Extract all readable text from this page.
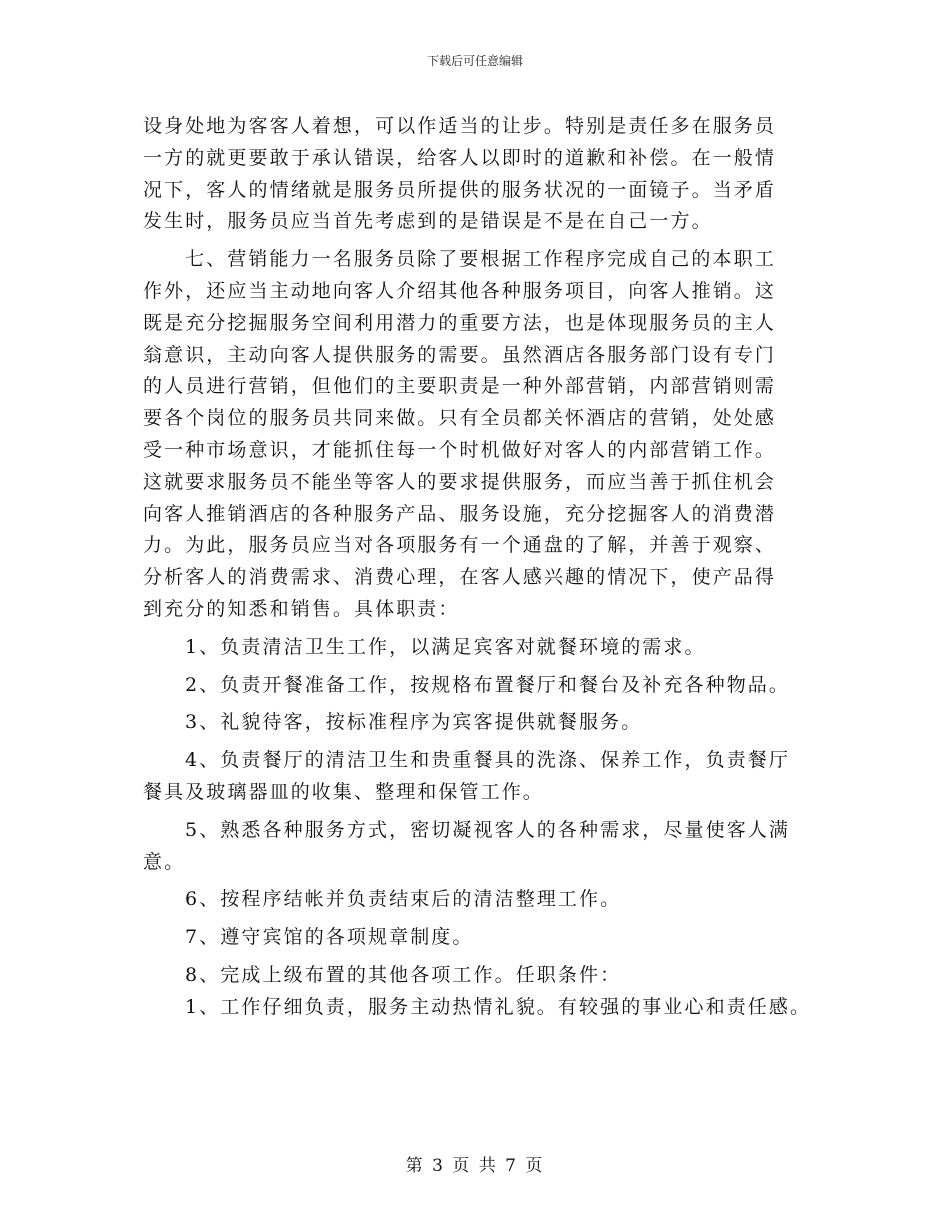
下载后可任意编辑
设身处地为客客人着想，可以作适当的让步。特别是责任多在服务员
一方的就更要敢于承认错误，给客人以即时的道歉和补偿。在一般情
况下，客人的情绪就是服务员所提供的服务状况的一面镜子。当矛盾
发生时，服务员应当首先考虑到的是错误是不是在自己一方。
七、营销能力一名服务员除了要根据工作程序完成自己的本职工
作外，还应当主动地向客人介绍其他各种服务项目，向客人推销。这
既是充分挖掘服务空间利用潜力的重要方法，也是体现服务员的主人
翁意识，主动向客人提供服务的需要。虽然酒店各服务部门设有专门
的人员进行营销，但他们的主要职责是一种外部营销，内部营销则需
要各个岗位的服务员共同来做。只有全员都关怀酒店的营销，处处感
受一种市场意识，才能抓住每一个时机做好对客人的内部营销工作。
这就要求服务员不能坐等客人的要求提供服务，而应当善于抓住机会
向客人推销酒店的各种服务产品、服务设施，充分挖掘客人的消费潜
力。为此，服务员应当对各项服务有一个通盘的了解，并善于观察、
分析客人的消费需求、消费心理，在客人感兴趣的情况下，使产品得
到充分的知悉和销售。具体职责：
1、负责清洁卫生工作，以满足宾客对就餐环境的需求。
2、负责开餐准备工作，按规格布置餐厅和餐台及补充各种物品。
3、礼貌待客，按标准程序为宾客提供就餐服务。
4、负责餐厅的清洁卫生和贵重餐具的洗涤、保养工作，负责餐厅
餐具及玻璃器皿的收集、整理和保管工作。
5、熟悉各种服务方式，密切凝视客人的各种需求，尽量使客人满
意。
6、按程序结帐并负责结束后的清洁整理工作。
7、遵守宾馆的各项规章制度。
8、完成上级布置的其他各项工作。任职条件：
1、工作仔细负责，服务主动热情礼貌。有较强的事业心和责任感。
第 3 页 共 7 页
